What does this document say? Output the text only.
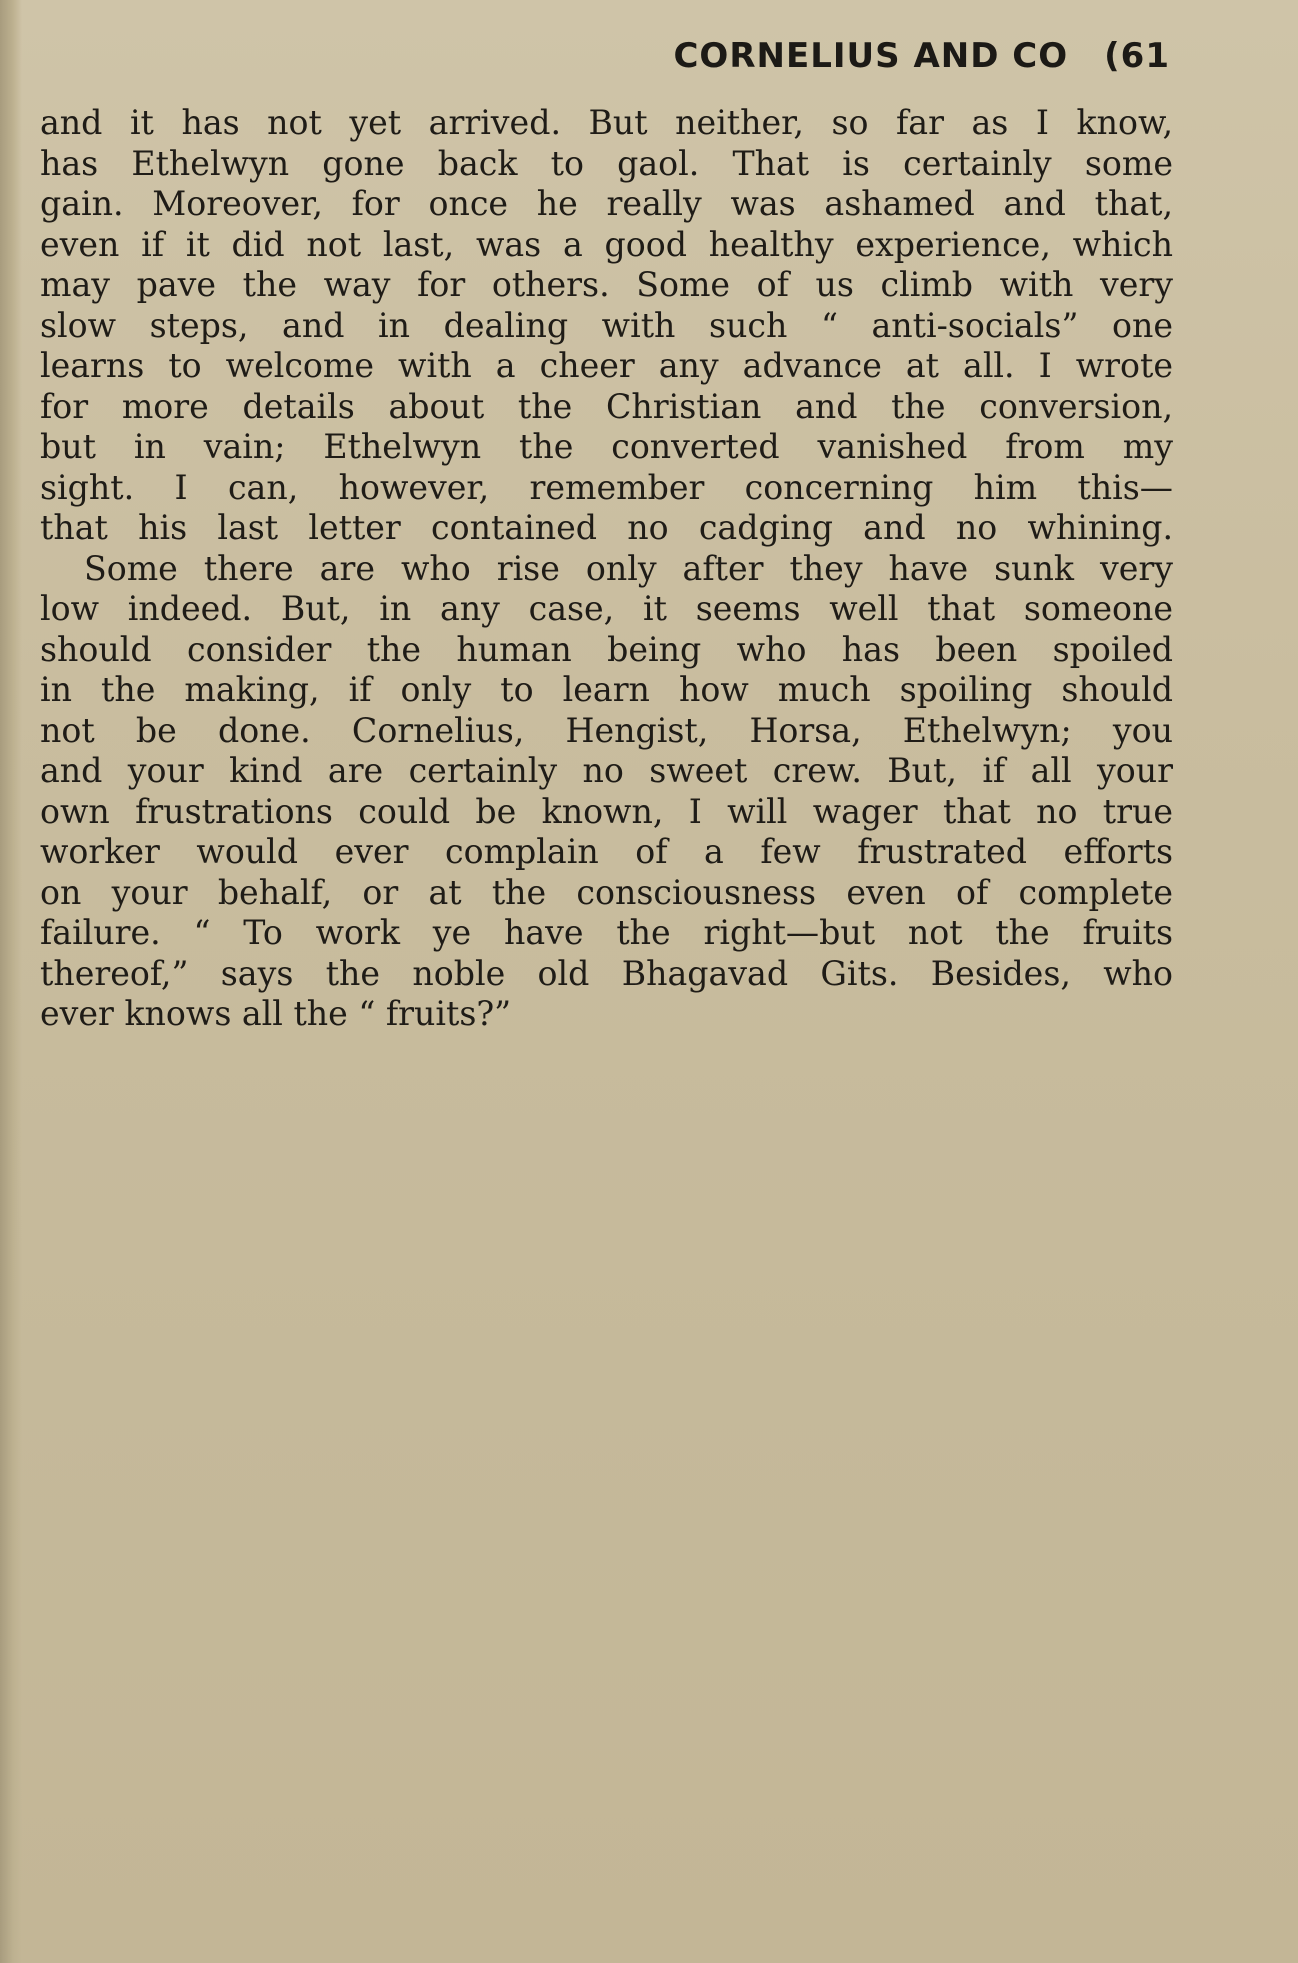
CORNELIUS AND CO (61
and it has not yet arrived. But neither, so far as I know,
has Ethelwyn gone back to gaol. That is certainly some
gain. Moreover, for once he really was ashamed and that,
even if it did not last, was a good healthy experience, which
may pave the way for others. Some of us climb with very
slow steps, and in dealing with such “ anti-socials” one
learns to welcome with a cheer any advance at all. I wrote
for more details about the Christian and the conversion,
but in vain; Ethelwyn the converted vanished from my
sight. I can, however, remember concerning him this—
that his last letter contained no cadging and no whining.
Some there are who rise only after they have sunk very
low indeed. But, in any case, it seems well that someone
should consider the human being who has been spoiled
in the making, if only to learn how much spoiling should
not be done. Cornelius, Hengist, Horsa, Ethelwyn; you
and your kind are certainly no sweet crew. But, if all your
own frustrations could be known, I will wager that no true
worker would ever complain of a few frustrated efforts
on your behalf, or at the consciousness even of complete
failure. “ To work ye have the right—but not the fruits
thereof,” says the noble old Bhagavad Gits. Besides, who
ever knows all the “ fruits?”
